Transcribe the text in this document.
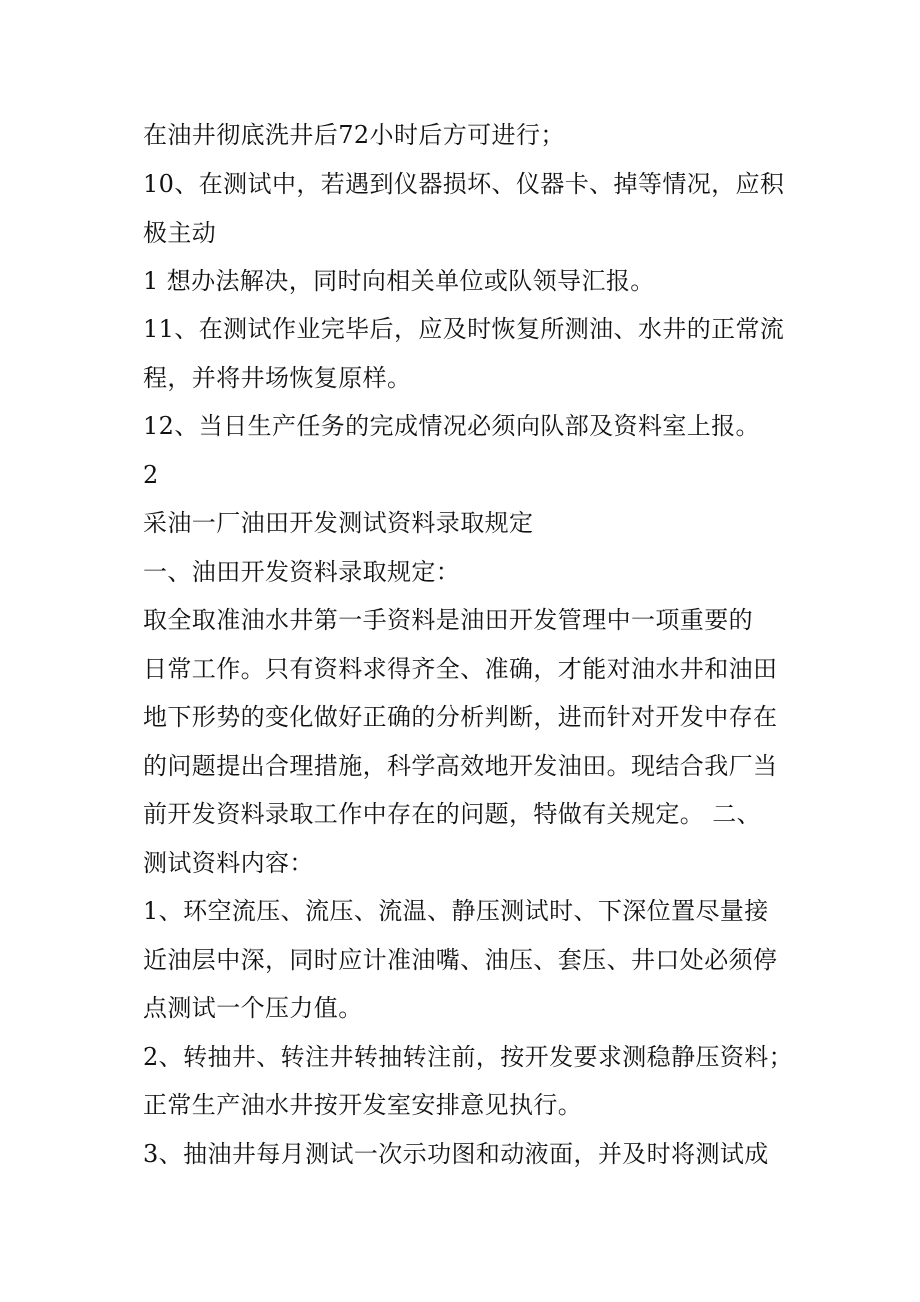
在油井彻底洗井后72小时后方可进行；
10、在测试中，若遇到仪器损坏、仪器卡、掉等情况，应积
极主动
1 想办法解决，同时向相关单位或队领导汇报。
11、在测试作业完毕后，应及时恢复所测油、水井的正常流
程，并将井场恢复原样。
12、当日生产任务的完成情况必须向队部及资料室上报。
2
采油一厂油田开发测试资料录取规定
一、油田开发资料录取规定：
取全取准油水井第一手资料是油田开发管理中一项重要的
日常工作。只有资料求得齐全、准确，才能对油水井和油田
地下形势的变化做好正确的分析判断，进而针对开发中存在
的问题提出合理措施，科学高效地开发油田。现结合我厂当
前开发资料录取工作中存在的问题，特做有关规定。 二、
测试资料内容：
1、环空流压、流压、流温、静压测试时、下深位置尽量接
近油层中深，同时应计准油嘴、油压、套压、井口处必须停
点测试一个压力值。
2、转抽井、转注井转抽转注前，按开发要求测稳静压资料；
正常生产油水井按开发室安排意见执行。
3、抽油井每月测试一次示功图和动液面，并及时将测试成
